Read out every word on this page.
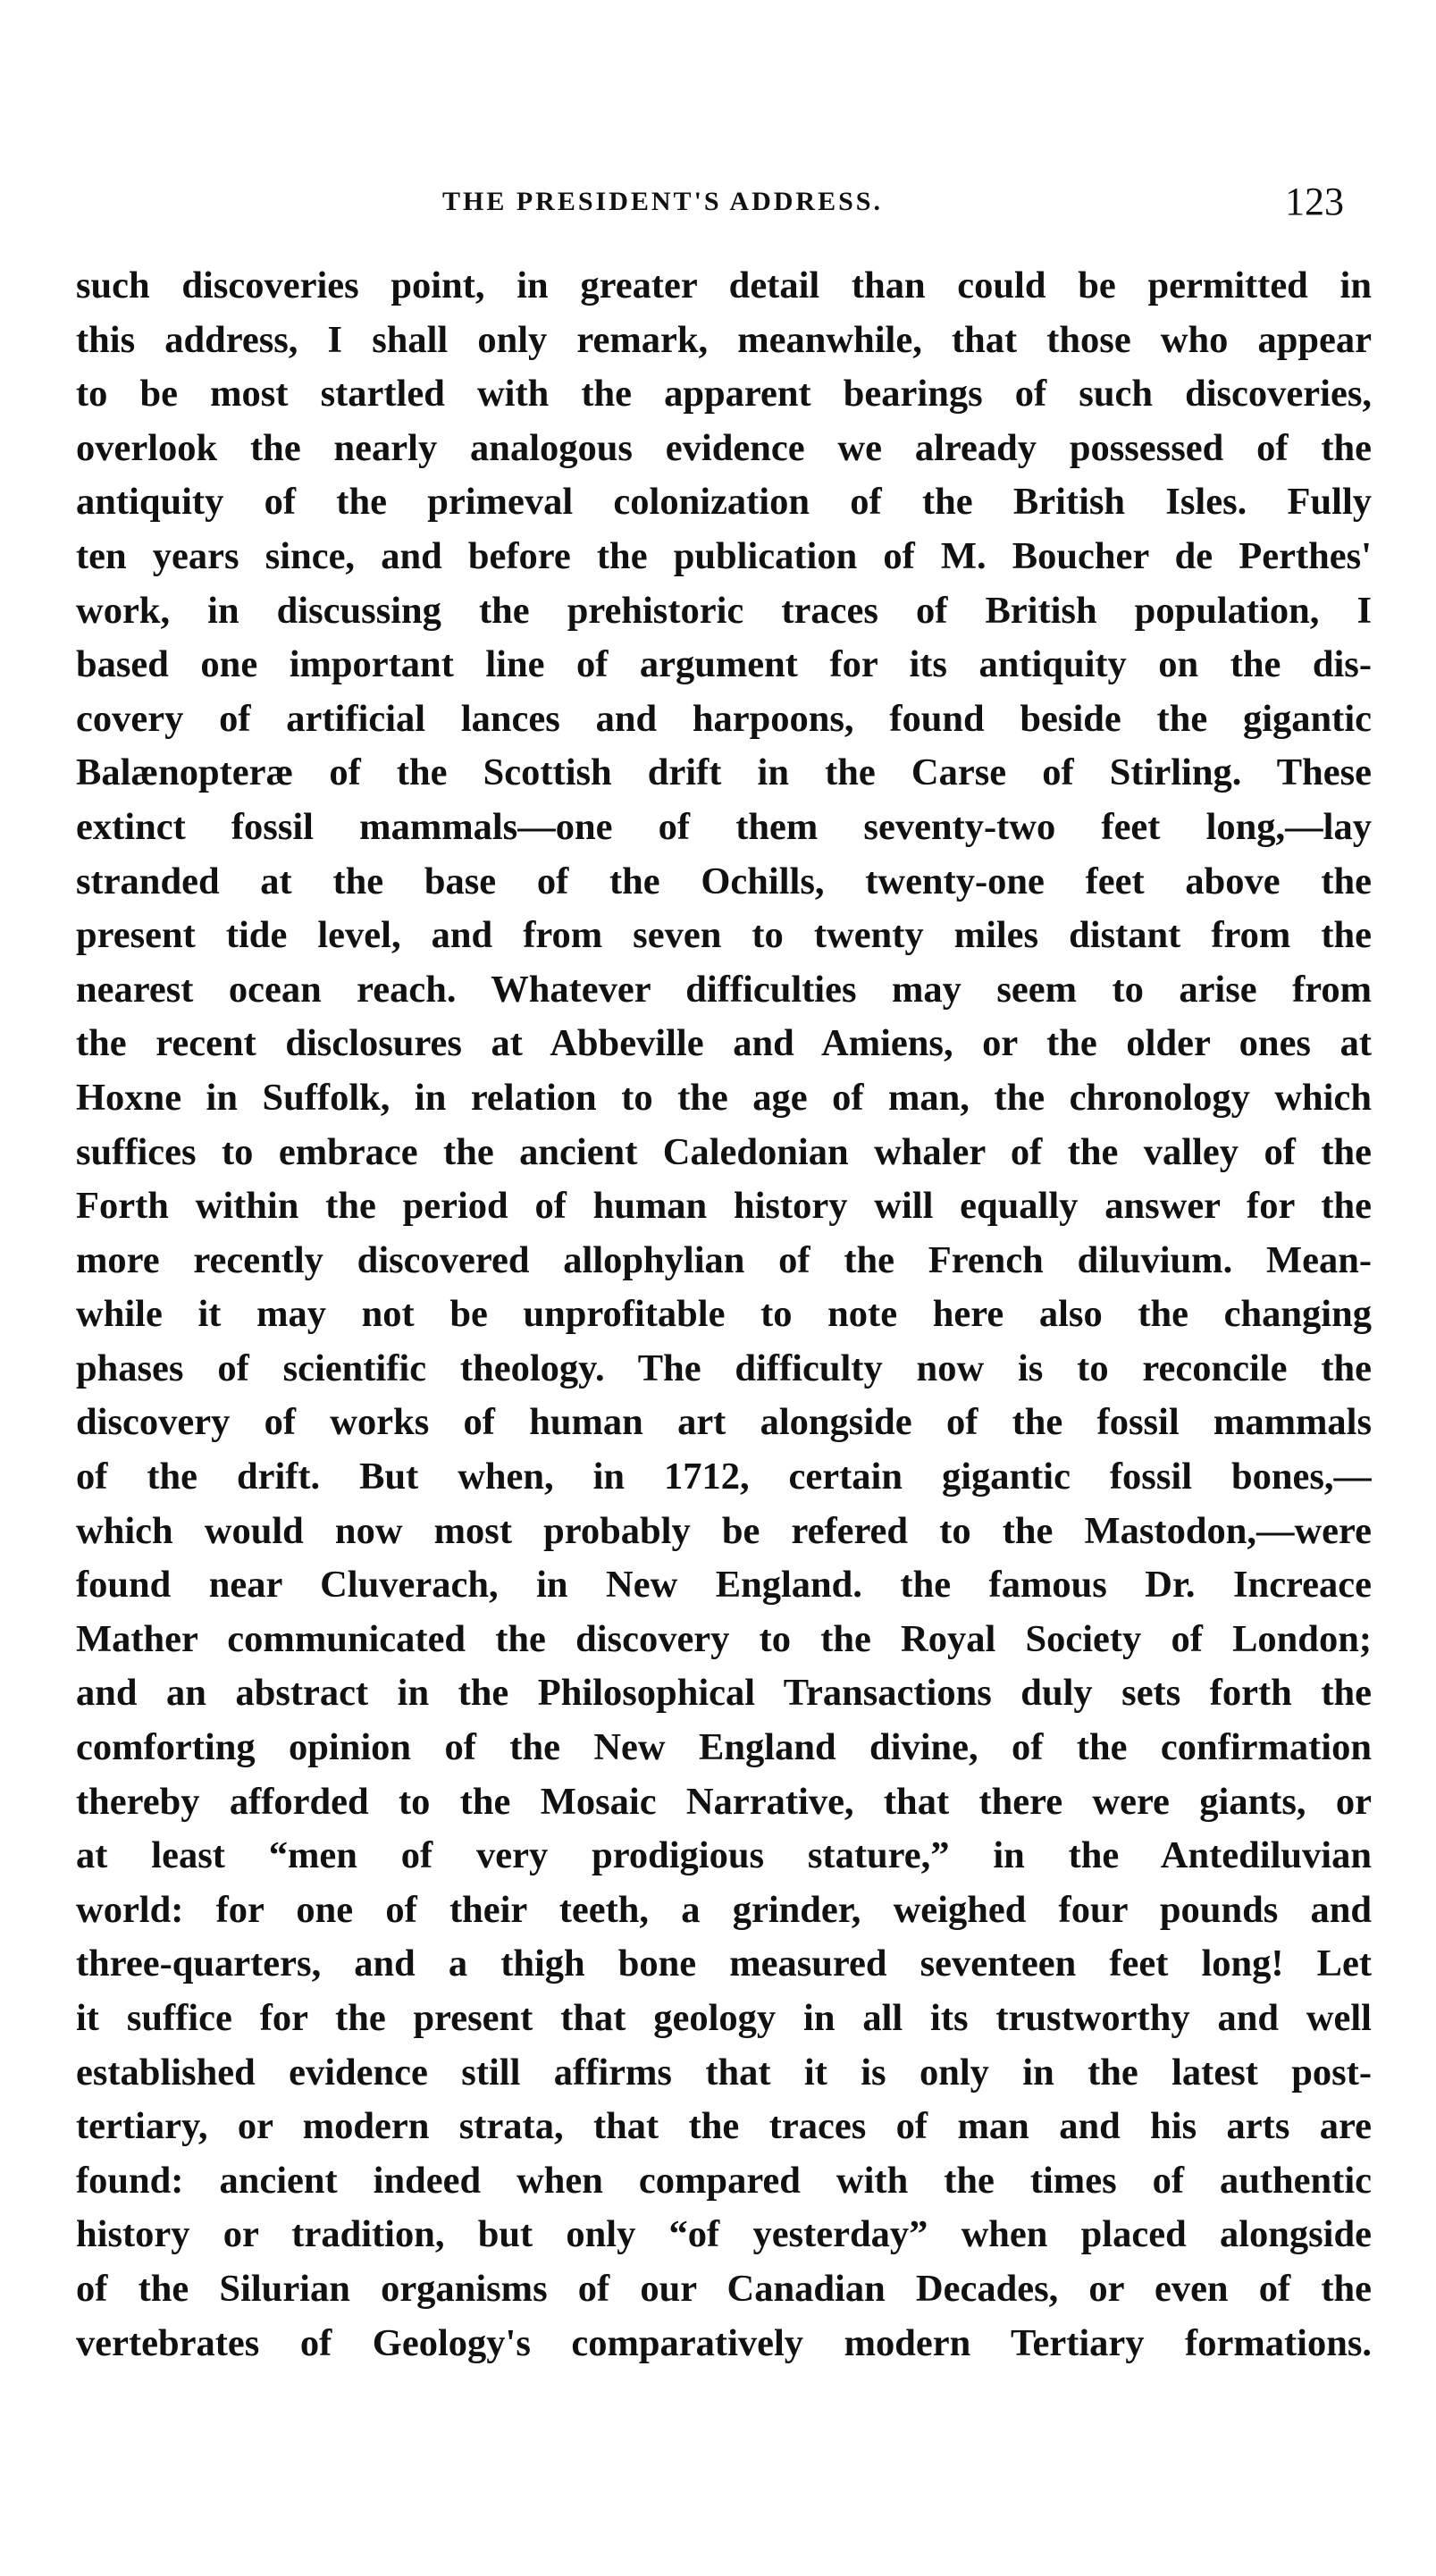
THE PRESIDENT'S ADDRESS.	123
such discoveries point, in greater detail than could be permitted in
this address, I shall only remark, meanwhile, that those who appear
to be most startled with the apparent bearings of such discoveries,
overlook the nearly analogous evidence we already possessed of the
antiquity of the primeval colonization of the British Isles. Fully
ten years since, and before the publication of M. Boucher de Perthes'
work, in discussing the prehistoric traces of British population, I
based one important line of argument for its antiquity on the dis-
covery of artificial lances and harpoons, found beside the gigantic
Balænopteræ of the Scottish drift in the Carse of Stirling. These
extinct fossil mammals—one of them seventy-two feet long,—lay
stranded at the base of the Ochills, twenty-one feet above the
present tide level, and from seven to twenty miles distant from the
nearest ocean reach. Whatever difficulties may seem to arise from
the recent disclosures at Abbeville and Amiens, or the older ones at
Hoxne in Suffolk, in relation to the age of man, the chronology which
suffices to embrace the ancient Caledonian whaler of the valley of the
Forth within the period of human history will equally answer for the
more recently discovered allophylian of the French diluvium. Mean-
while it may not be unprofitable to note here also the changing
phases of scientific theology. The difficulty now is to reconcile the
discovery of works of human art alongside of the fossil mammals
of the drift. But when, in 1712, certain gigantic fossil bones,—
which would now most probably be refered to the Mastodon,—were
found near Cluverach, in New England. the famous Dr. Increace
Mather communicated the discovery to the Royal Society of London;
and an abstract in the Philosophical Transactions duly sets forth the
comforting opinion of the New England divine, of the confirmation
thereby afforded to the Mosaic Narrative, that there were giants, or
at least “men of very prodigious stature,” in the Antediluvian
world: for one of their teeth, a grinder, weighed four pounds and
three-quarters, and a thigh bone measured seventeen feet long! Let
it suffice for the present that geology in all its trustworthy and well
established evidence still affirms that it is only in the latest post-
tertiary, or modern strata, that the traces of man and his arts are
found: ancient indeed when compared with the times of authentic
history or tradition, but only “of yesterday” when placed alongside
of the Silurian organisms of our Canadian Decades, or even of the
vertebrates of Geology's comparatively modern Tertiary formations.
